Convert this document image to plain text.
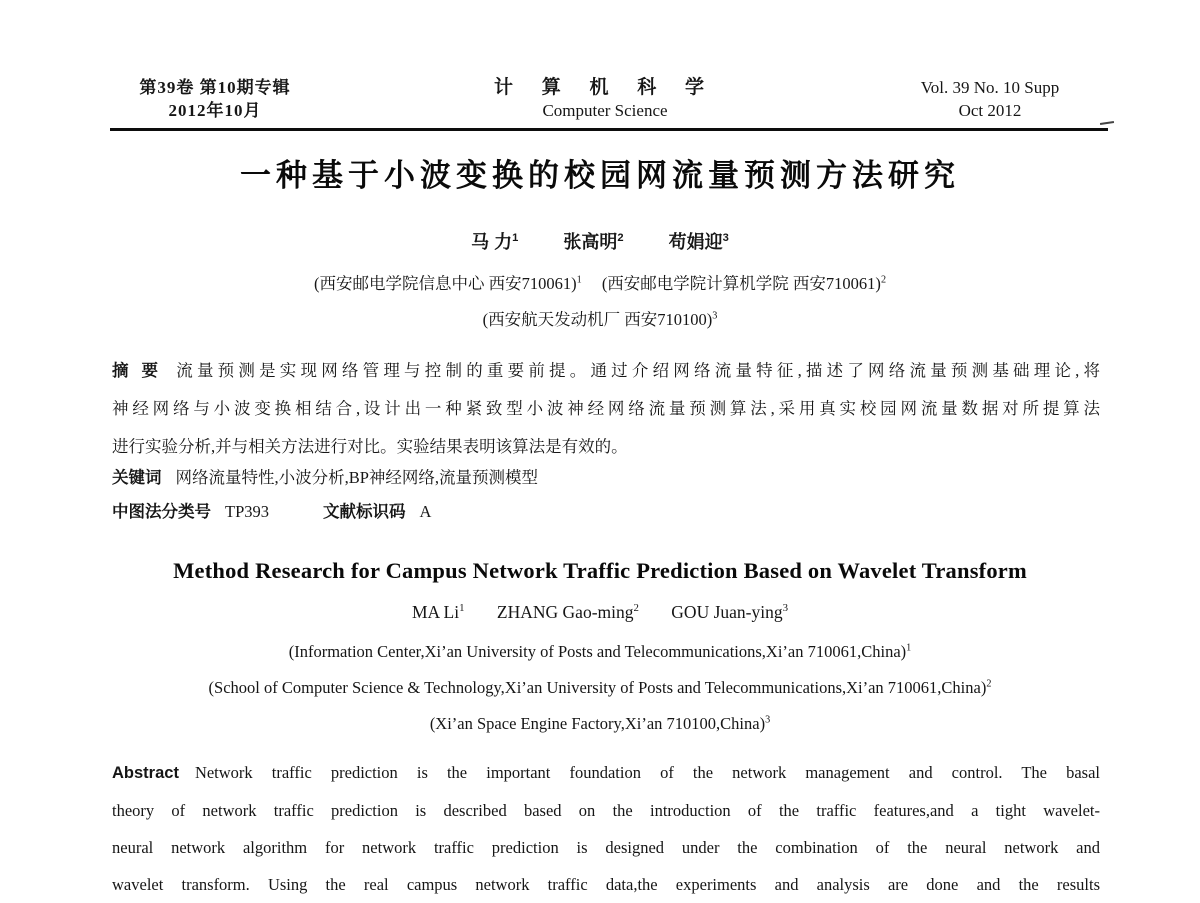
第39卷 第10期专辑
2012年10月
计 算 机 科 学
Computer Science
Vol. 39 No. 10 Supp
Oct 2012
一种基于小波变换的校园网流量预测方法研究
马 力$^1$	张高明$^2$	苟娟迎$^3$
(西安邮电学院信息中心 西安710061)$^1$ (西安邮电学院计算机学院 西安710061)$^2$
(西安航天发动机厂 西安710100)$^3$
摘 要 流量预测是实现网络管理与控制的重要前提。通过介绍网络流量特征,描述了网络流量预测基础理论,将
神经网络与小波变换相结合,设计出一种紧致型小波神经网络流量预测算法,采用真实校园网流量数据对所提算法
进行实验分析,并与相关方法进行对比。实验结果表明该算法是有效的。
关键词 网络流量特性,小波分析,BP神经网络,流量预测模型
中图法分类号 TP393	文献标识码 A
Method Research for Campus Network Traffic Prediction Based on Wavelet Transform
MA Li$^1$ ZHANG Gao-ming$^2$ GOU Juan-ying$^3$
(Information Center,Xi’an University of Posts and Telecommunications,Xi’an 710061,China)$^1$
(School of Computer Science & Technology,Xi’an University of Posts and Telecommunications,Xi’an 710061,China)$^2$
(Xi’an Space Engine Factory,Xi’an 710100,China)$^3$
Abstract Network traffic prediction is the important foundation of the network management and control. The basal
theory of network traffic prediction is described based on the introduction of the traffic features,and a tight wavelet-
neural network algorithm for network traffic prediction is designed under the combination of the neural network and
wavelet transform. Using the real campus network traffic data,the experiments and analysis are done and the results
